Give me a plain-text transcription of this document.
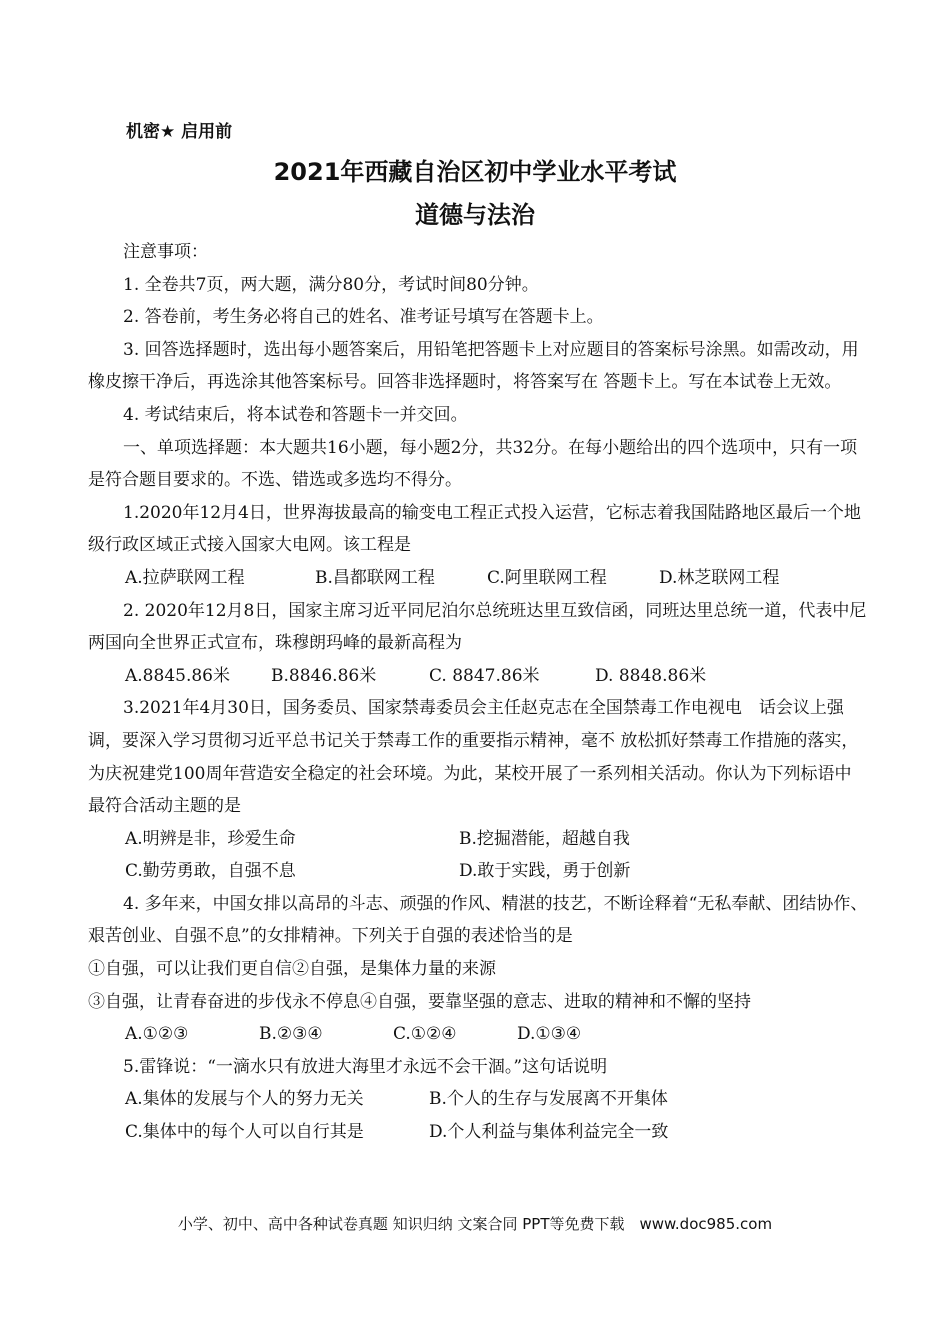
机密★ 启用前
2021年西藏自治区初中学业水平考试
道德与法治

注意事项：

1. 全卷共7页，两大题，满分80分，考试时间80分钟。

2. 答卷前，考生务必将自己的姓名、准考证号填写在答题卡上。

3. 回答选择题时，选出每小题答案后，用铅笔把答题卡上对应题目的答案标号涂黑。如需改动，用橡皮擦干净后，再选涂其他答案标号。回答非选择题时，将答案写在 答题卡上。写在本试卷上无效。

4. 考试结束后，将本试卷和答题卡一并交回。

一、单项选择题：本大题共16小题，每小题2分，共32分。在每小题给出的四个选项中，只有一项是符合题目要求的。不选、错选或多选均不得分。

1.2020年12月4日，世界海拔最高的输变电工程正式投入运营，它标志着我国陆路地区最后一个地级行政区域正式接入国家大电网。该工程是

A.拉萨联网工程	B.昌都联网工程	C.阿里联网工程	D.林芝联网工程

2. 2020年12月8日，国家主席习近平同尼泊尔总统班达里互致信函，同班达里总统一道，代表中尼两国向全世界正式宣布，珠穆朗玛峰的最新高程为

A.8845.86米	B.8846.86米	C. 8847.86米	D. 8848.86米

3.2021年4月30日，国务委员、国家禁毒委员会主任赵克志在全国禁毒工作电视电　话会议上强调，要深入学习贯彻习近平总书记关于禁毒工作的重要指示精神，毫不 放松抓好禁毒工作措施的落实，为庆祝建党100周年营造安全稳定的社会环境。为此，某校开展了一系列相关活动。你认为下列标语中最符合活动主题的是

A.明辨是非，珍爱生命	B.挖掘潜能，超越自我
C.勤劳勇敢，自强不息	D.敢于实践，勇于创新

4. 多年来，中国女排以高昂的斗志、顽强的作风、精湛的技艺，不断诠释着“无私奉献、团结协作、艰苦创业、自强不息”的女排精神。下列关于自强的表述恰当的是

①自强，可以让我们更自信②自强，是集体力量的来源

③自强，让青春奋进的步伐永不停息④自强，要靠坚强的意志、进取的精神和不懈的坚持

A.①②③	B.②③④	C.①②④	D.①③④

5.雷锋说：“一滴水只有放进大海里才永远不会干涸。”这句话说明

A.集体的发展与个人的努力无关	B.个人的生存与发展离不开集体
C.集体中的每个人可以自行其是	D.个人利益与集体利益完全一致
小学、初中、高中各种试卷真题 知识归纳 文案合同 PPT等免费下载　www.doc985.com
